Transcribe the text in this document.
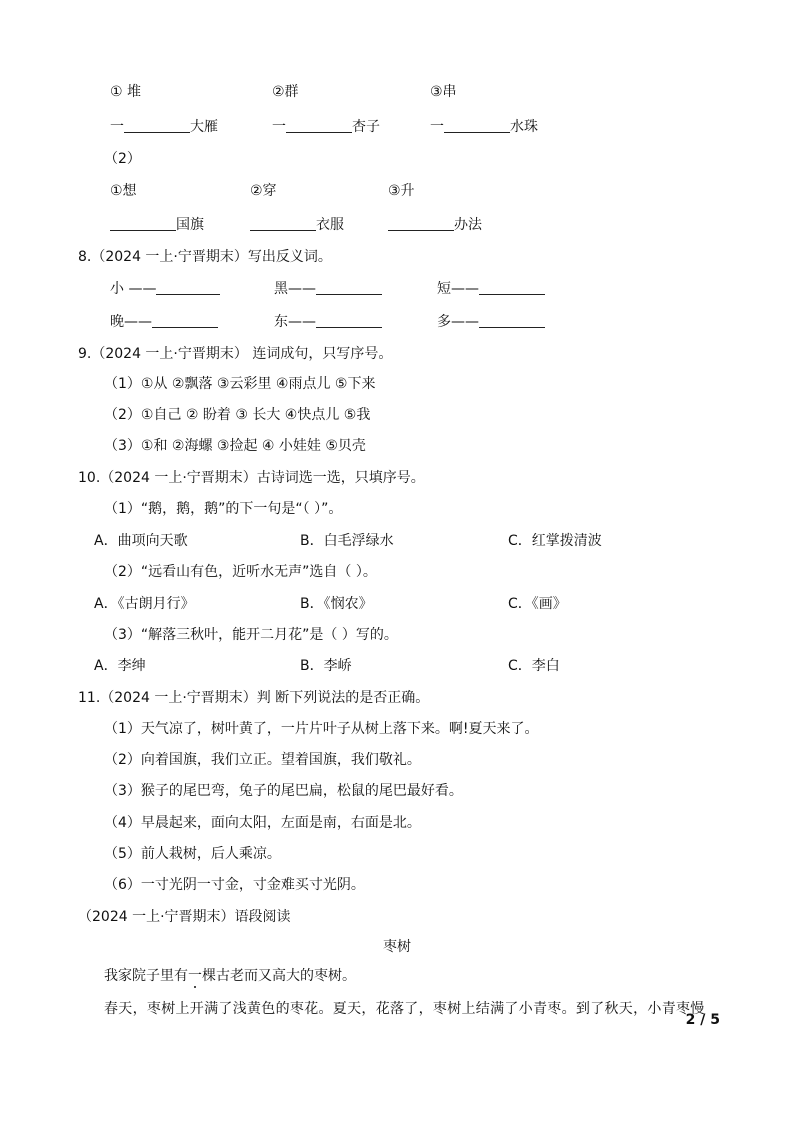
① 堆	②群	③串
一	大雁	一	杏子	一	水珠
（2）
①想	②穿	③升
国旗	衣服	办法
8.（2024 一上·宁晋期末）写出反义词。
小 ——	黑——	短——
晚——	东——	多——
9.（2024 一上·宁晋期末） 连词成句，只写序号。
（1）①从 ②飘落 ③云彩里 ④雨点儿 ⑤下来
（2）①自己 ② 盼着 ③ 长大 ④快点儿 ⑤我
（3）①和 ②海螺 ③捡起 ④ 小娃娃 ⑤贝壳
10.（2024 一上·宁晋期末）古诗词选一选，只填序号。
（1）“鹅，鹅，鹅”的下一句是“（ ）”。
A．曲项向天歌	B．白毛浮绿水	C．红掌拨清波
（2）“远看山有色，近听水无声”选自（ ）。
A．《古朗月行》	B．《悯农》	C．《画》
（3）“解落三秋叶，能开二月花”是（ ）写的。
A．李绅	B．李峤	C．李白
11.（2024 一上·宁晋期末）判 断下列说法的是否正确。
（1）天气凉了，树叶黄了，一片片叶子从树上落下来。啊!夏天来了。
（2）向着国旗，我们立正。望着国旗，我们敬礼。
（3）猴子的尾巴弯，兔子的尾巴扁，松鼠的尾巴最好看。
（4）早晨起来，面向太阳，左面是南，右面是北。
（5）前人栽树，后人乘凉。
（6）一寸光阴一寸金，寸金难买寸光阴。
（2024 一上·宁晋期末）语段阅读
枣树
我家院子里有一棵古老而又高大的枣树。
春天，枣树上开满了浅黄色的枣花。夏天，花落了，枣树上结满了小青枣。到了秋天，小青枣慢
2 / 5
